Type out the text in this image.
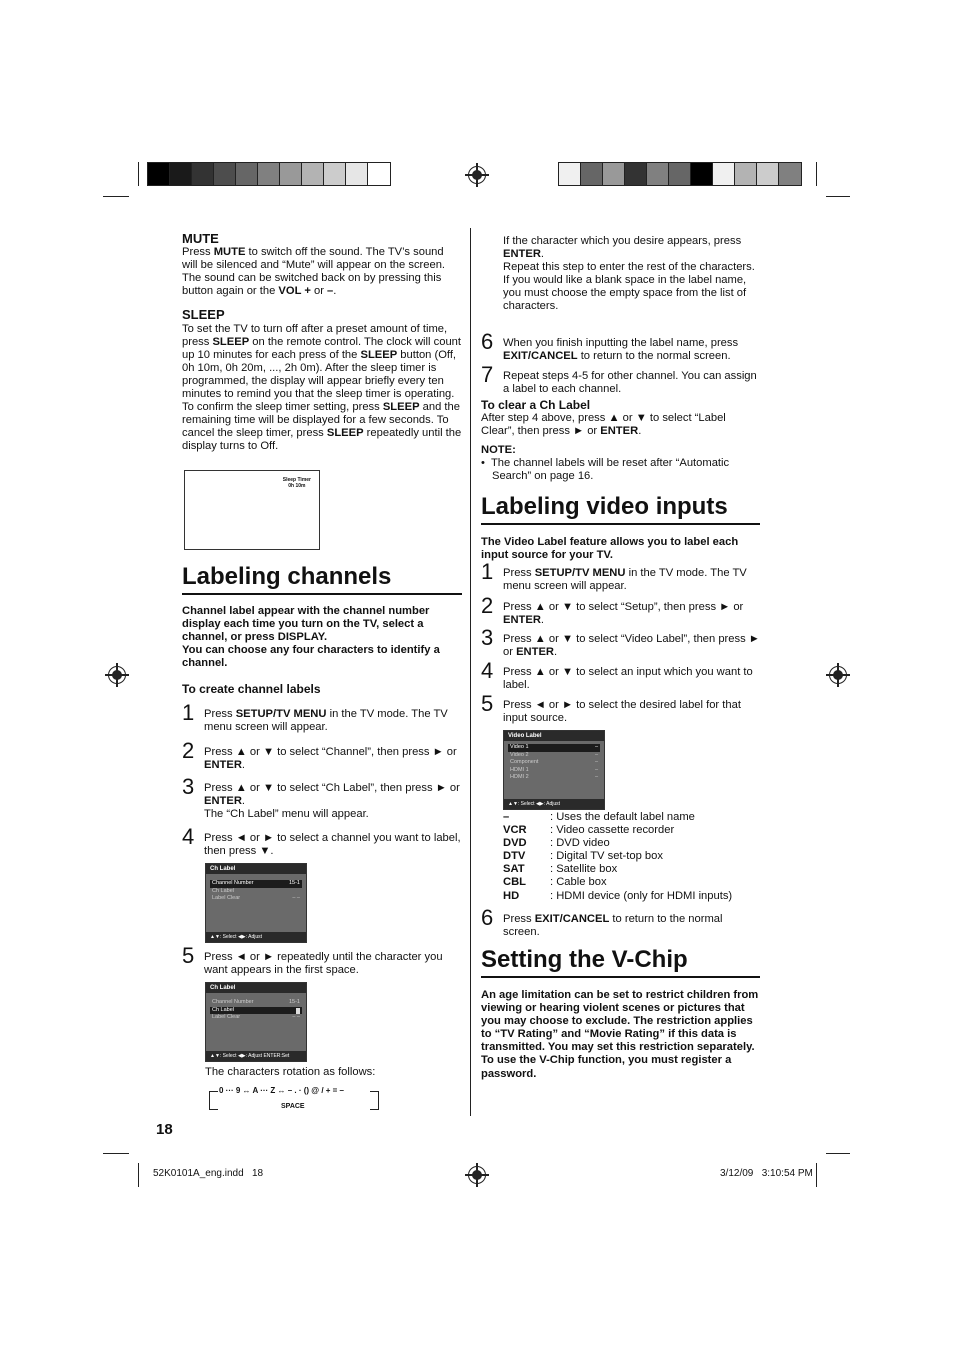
MUTE

Press MUTE to switch off the sound. The TV’s sound will be silenced and “Mute” will appear on the screen. The sound can be switched back on by pressing this button again or the VOL + or –.

SLEEP

To set the TV to turn off after a preset amount of time, press SLEEP on the remote control. The clock will count up 10 minutes for each press of the SLEEP button (Off, 0h 10m, 0h 20m, ..., 2h 0m). After the sleep timer is programmed, the display will appear briefly every ten minutes to remind you that the sleep timer is operating. To confirm the sleep timer setting, press SLEEP and the remaining time will be displayed for a few seconds. To cancel the sleep timer, press SLEEP repeatedly until the display turns to Off.

Sleep Timer
0h 10m
Labeling channels

Channel label appear with the channel number display each time you turn on the TV, select a channel, or press DISPLAY.

You can choose any four characters to identify a channel.

To create channel labels

1 Press SETUP/TV MENU in the TV mode. The TV menu screen will appear.

2 Press ▲ or ▼ to select “Channel”, then press ► or ENTER.

3 Press ▲ or ▼ to select “Ch Label”, then press ► or ENTER.
The “Ch Label” menu will appear.

4 Press ◄ or ► to select a channel you want to label, then press ▼.

Ch Label
Channel Number	15-1
Ch Label
Label Clear	– –
▲▼: Select ◀▶: Adjust

5 Press ◄ or ► repeatedly until the character you want appears in the first space.

Ch Label
Channel Number	15-1
Ch Label
Label Clear	– –
▲▼: Select ◀▶: Adjust ENTER:Set

The characters rotation as follows:

0 ··· 9 ↔ A ··· Z ↔ – . · () @ / + = –
SPACE
18

If the character which you desire appears, press ENTER.

Repeat this step to enter the rest of the characters.

If you would like a blank space in the label name, you must choose the empty space from the list of characters.

6 When you finish inputting the label name, press EXIT/CANCEL to return to the normal screen.

7 Repeat steps 4-5 for other channel. You can assign a label to each channel.

To clear a Ch Label

After step 4 above, press ▲ or ▼ to select “Label Clear”, then press ► or ENTER.

NOTE:

•  The channel labels will be reset after “Automatic Search” on page 16.

Labeling video inputs

The Video Label feature allows you to label each input source for your TV.

1 Press SETUP/TV MENU in the TV mode. The TV menu screen will appear.

2 Press ▲ or ▼ to select “Setup”, then press ► or ENTER.

3 Press ▲ or ▼ to select “Video Label”, then press ► or ENTER.

4 Press ▲ or ▼ to select an input which you want to label.

5 Press ◄ or ► to select the desired label for that input source.

Video Label
Video 1	–
Video 2	–
Component	–
HDMI 1	–
HDMI 2	–
▲▼: Select ◀▶: Adjust
–	: Uses the default label name
VCR	: Video cassette recorder
DVD	: DVD video
DTV	: Digital TV set-top box
SAT	: Satellite box
CBL	: Cable box
HD	: HDMI device (only for HDMI inputs)

6 Press EXIT/CANCEL to return to the normal screen.

Setting the V-Chip

An age limitation can be set to restrict children from viewing or hearing violent scenes or pictures that you may choose to exclude. The restriction applies to “TV Rating” and “Movie Rating” if this data is transmitted. You may set this restriction separately. To use the V-Chip function, you must register a password.

52K0101A_eng.indd   18	3/12/09   3:10:54 PM
